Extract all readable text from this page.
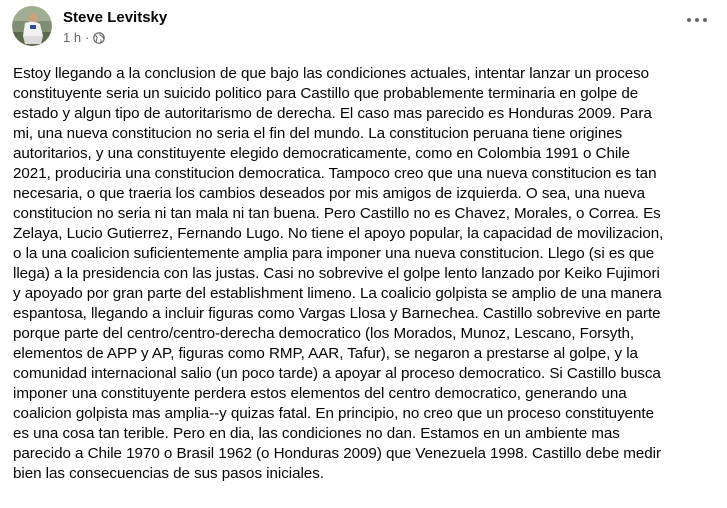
Steve Levitsky
1 h ·
Estoy llegando a la conclusion de que bajo las condiciones actuales, intentar lanzar un proceso
constituyente seria un suicido politico para Castillo que probablemente terminaria en golpe de
estado y algun tipo de autoritarismo de derecha. El caso mas parecido es Honduras 2009. Para
mi, una nueva constitucion no seria el fin del mundo. La constitucion peruana tiene origines
autoritarios, y una constituyente elegido democraticamente, como en Colombia 1991 o Chile
2021, produciria una constitucion democratica. Tampoco creo que una nueva constitucion es tan
necesaria, o que traeria los cambios deseados por mis amigos de izquierda. O sea, una nueva
constitucion no seria ni tan mala ni tan buena. Pero Castillo no es Chavez, Morales, o Correa. Es
Zelaya, Lucio Gutierrez, Fernando Lugo. No tiene el apoyo popular, la capacidad de movilizacion,
o la una coalicion suficientemente amplia para imponer una nueva constitucion. Llego (si es que
llega) a la presidencia con las justas. Casi no sobrevive el golpe lento lanzado por Keiko Fujimori
y apoyado por gran parte del establishment limeno. La coalicio golpista se amplio de una manera
espantosa, llegando a incluir figuras como Vargas Llosa y Barnechea. Castillo sobrevive en parte
porque parte del centro/centro-derecha democratico (los Morados, Munoz, Lescano, Forsyth,
elementos de APP y AP, figuras como RMP, AAR, Tafur), se negaron a prestarse al golpe, y la
comunidad internacional salio (un poco tarde) a apoyar al proceso democratico. Si Castillo busca
imponer una constituyente perdera estos elementos del centro democratico, generando una
coalicion golpista mas amplia--y quizas fatal. En principio, no creo que un proceso constituyente
es una cosa tan terible. Pero en dia, las condiciones no dan. Estamos en un ambiente mas
parecido a Chile 1970 o Brasil 1962 (o Honduras 2009) que Venezuela 1998. Castillo debe medir
bien las consecuencias de sus pasos iniciales.
